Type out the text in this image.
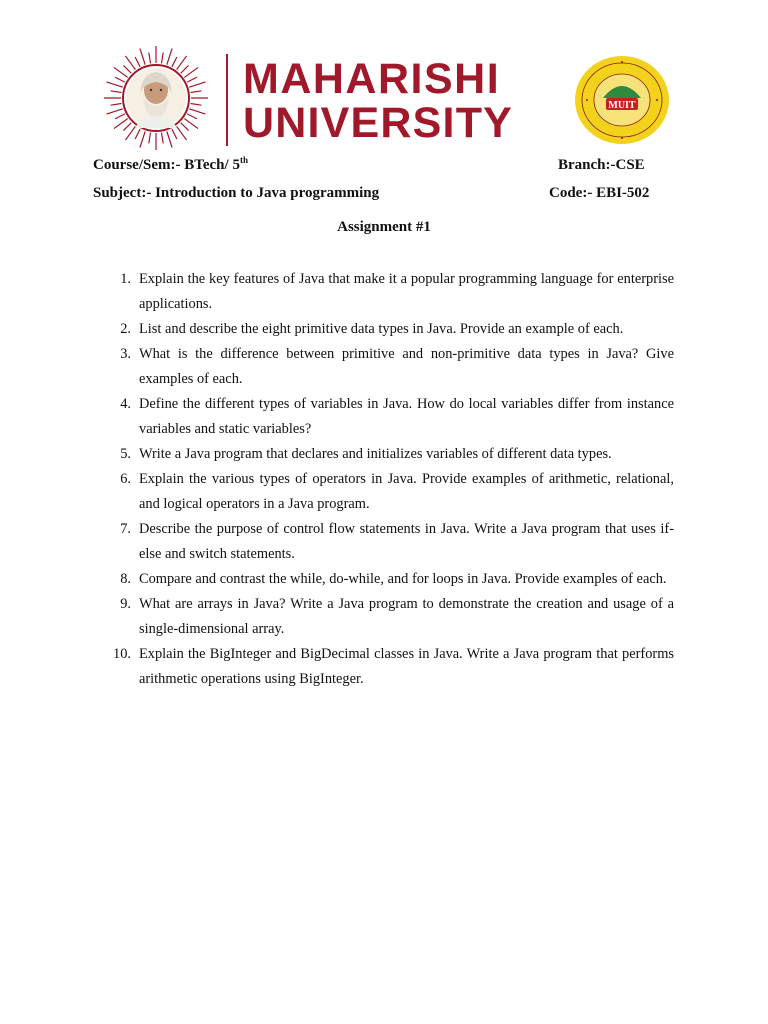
MAHARISHI
UNIVERSITY	MUIT
Course/Sem:- BTech/ 5th	Branch:-CSE
Subject:- Introduction to Java programming	Code:- EBI-502
Assignment #1
1. Explain the key features of Java that make it a popular programming language for enterprise applications.
2. List and describe the eight primitive data types in Java. Provide an example of each.
3. What is the difference between primitive and non-primitive data types in Java? Give examples of each.
4. Define the different types of variables in Java. How do local variables differ from instance variables and static variables?
5. Write a Java program that declares and initializes variables of different data types.
6. Explain the various types of operators in Java. Provide examples of arithmetic, relational, and logical operators in a Java program.
7. Describe the purpose of control flow statements in Java. Write a Java program that uses if-else and switch statements.
8. Compare and contrast the while, do-while, and for loops in Java. Provide examples of each.
9. What are arrays in Java? Write a Java program to demonstrate the creation and usage of a single-dimensional array.
10. Explain the BigInteger and BigDecimal classes in Java. Write a Java program that performs arithmetic operations using BigInteger.
